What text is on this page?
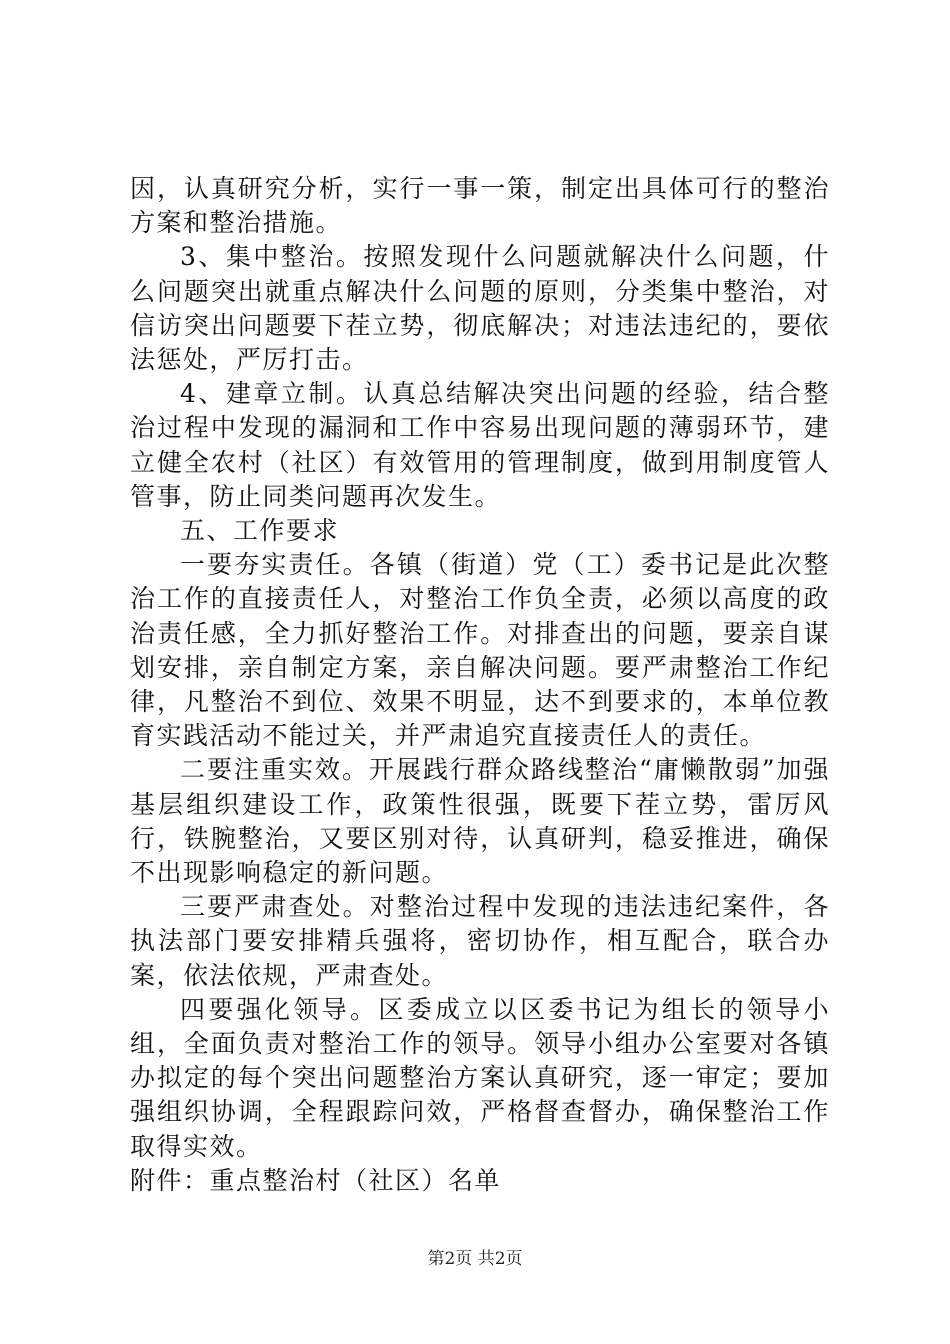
因，认真研究分析，实行一事一策，制定出具体可行的整治方案和整治措施。

3、集中整治。按照发现什么问题就解决什么问题，什么问题突出就重点解决什么问题的原则，分类集中整治，对信访突出问题要下茬立势，彻底解决；对违法违纪的，要依法惩处，严厉打击。

4、建章立制。认真总结解决突出问题的经验，结合整治过程中发现的漏洞和工作中容易出现问题的薄弱环节，建立健全农村（社区）有效管用的管理制度，做到用制度管人管事，防止同类问题再次发生。

五、工作要求

一要夯实责任。各镇（街道）党（工）委书记是此次整治工作的直接责任人，对整治工作负全责，必须以高度的政治责任感，全力抓好整治工作。对排查出的问题，要亲自谋划安排，亲自制定方案，亲自解决问题。要严肃整治工作纪律，凡整治不到位、效果不明显，达不到要求的，本单位教育实践活动不能过关，并严肃追究直接责任人的责任。

二要注重实效。开展践行群众路线整治“庸懒散弱”加强基层组织建设工作，政策性很强，既要下茬立势，雷厉风行，铁腕整治，又要区别对待，认真研判，稳妥推进，确保不出现影响稳定的新问题。

三要严肃查处。对整治过程中发现的违法违纪案件，各执法部门要安排精兵强将，密切协作，相互配合，联合办案，依法依规，严肃查处。

四要强化领导。区委成立以区委书记为组长的领导小组，全面负责对整治工作的领导。领导小组办公室要对各镇办拟定的每个突出问题整治方案认真研究，逐一审定；要加强组织协调，全程跟踪问效，严格督查督办，确保整治工作取得实效。

附件：重点整治村（社区）名单

第2页 共2页
